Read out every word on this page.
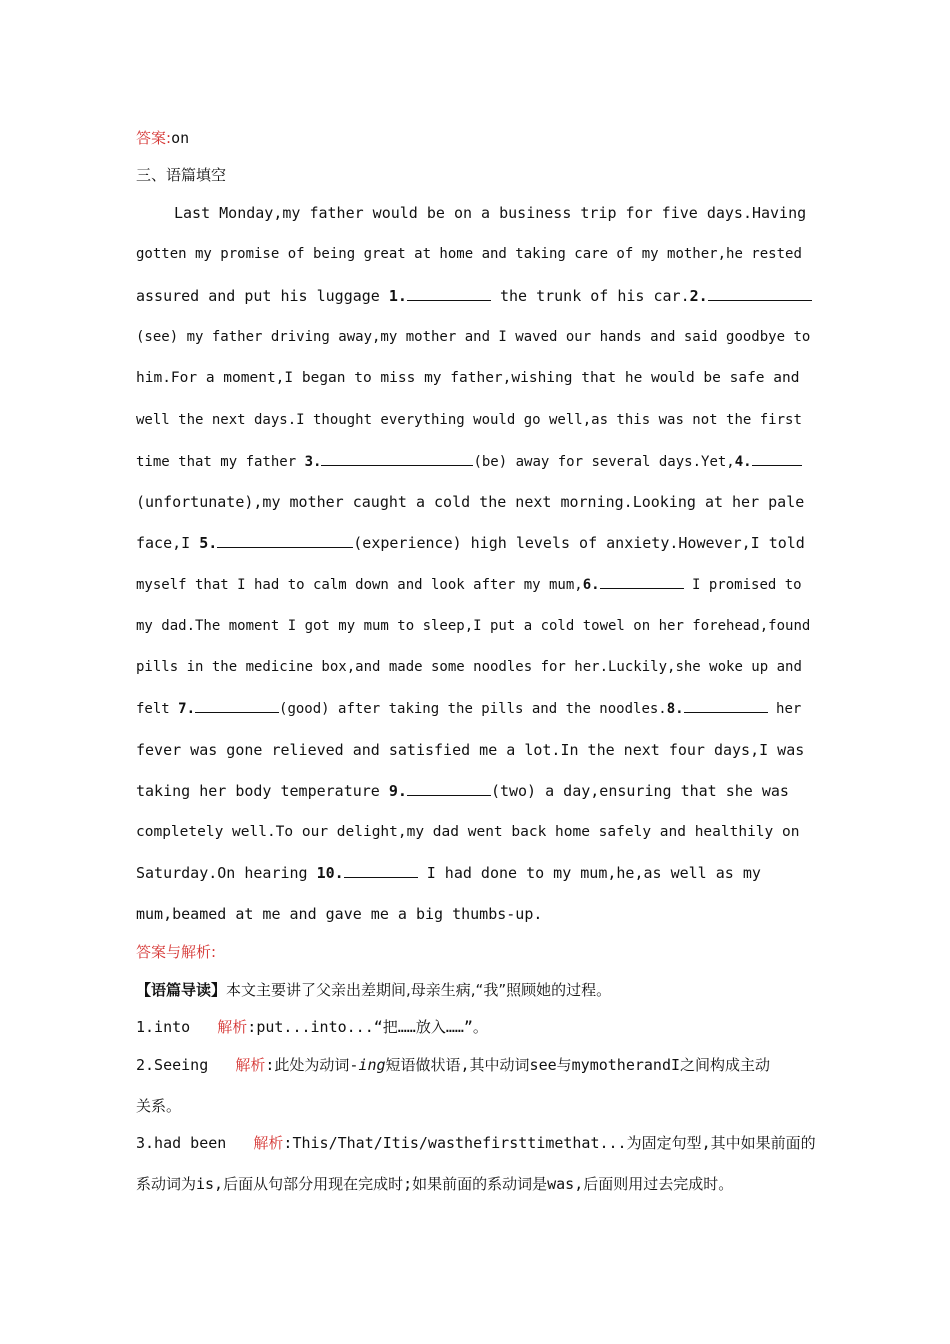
答案:on
三、语篇填空
Last Monday,my father would be on a business trip for five days.Having
gotten my promise of being great at home and taking care of my mother,he rested
assured and put his luggage 1.	the trunk of his car.2.
(see) my father driving away,my mother and I waved our hands and said goodbye to
him.For a moment,I began to miss my father,wishing that he would be safe and
well the next days.I thought everything would go well,as this was not the first
time that my father 3.	(be) away for several days.Yet,4.
(unfortunate),my mother caught a cold the next morning.Looking at her pale
face,I 5.	(experience) high levels of anxiety.However,I told
myself that I had to calm down and look after my mum,6.	I promised to
my dad.The moment I got my mum to sleep,I put a cold towel on her forehead,found
pills in the medicine box,and made some noodles for her.Luckily,she woke up and
felt 7.	(good) after taking the pills and the noodles.8.	her
fever was gone relieved and satisfied me a lot.In the next four days,I was
taking her body temperature 9.	(two) a day,ensuring that she was
completely well.To our delight,my dad went back home safely and healthily on
Saturday.On hearing 10.	I had done to my mum,he,as well as my
mum,beamed at me and gave me a big thumbs-up.
答案与解析:
【语篇导读】本文主要讲了父亲出差期间,母亲生病,“我”照顾她的过程。
1.into 解析:put...into...“把……放入……”。
2.Seeing 解析:此处为动词-ing短语做状语,其中动词see与mymotherandI之间构成主动
关系。
3.had been 解析:This/That/Itis/wasthefirsttimethat...为固定句型,其中如果前面的
系动词为is,后面从句部分用现在完成时;如果前面的系动词是was,后面则用过去完成时。
